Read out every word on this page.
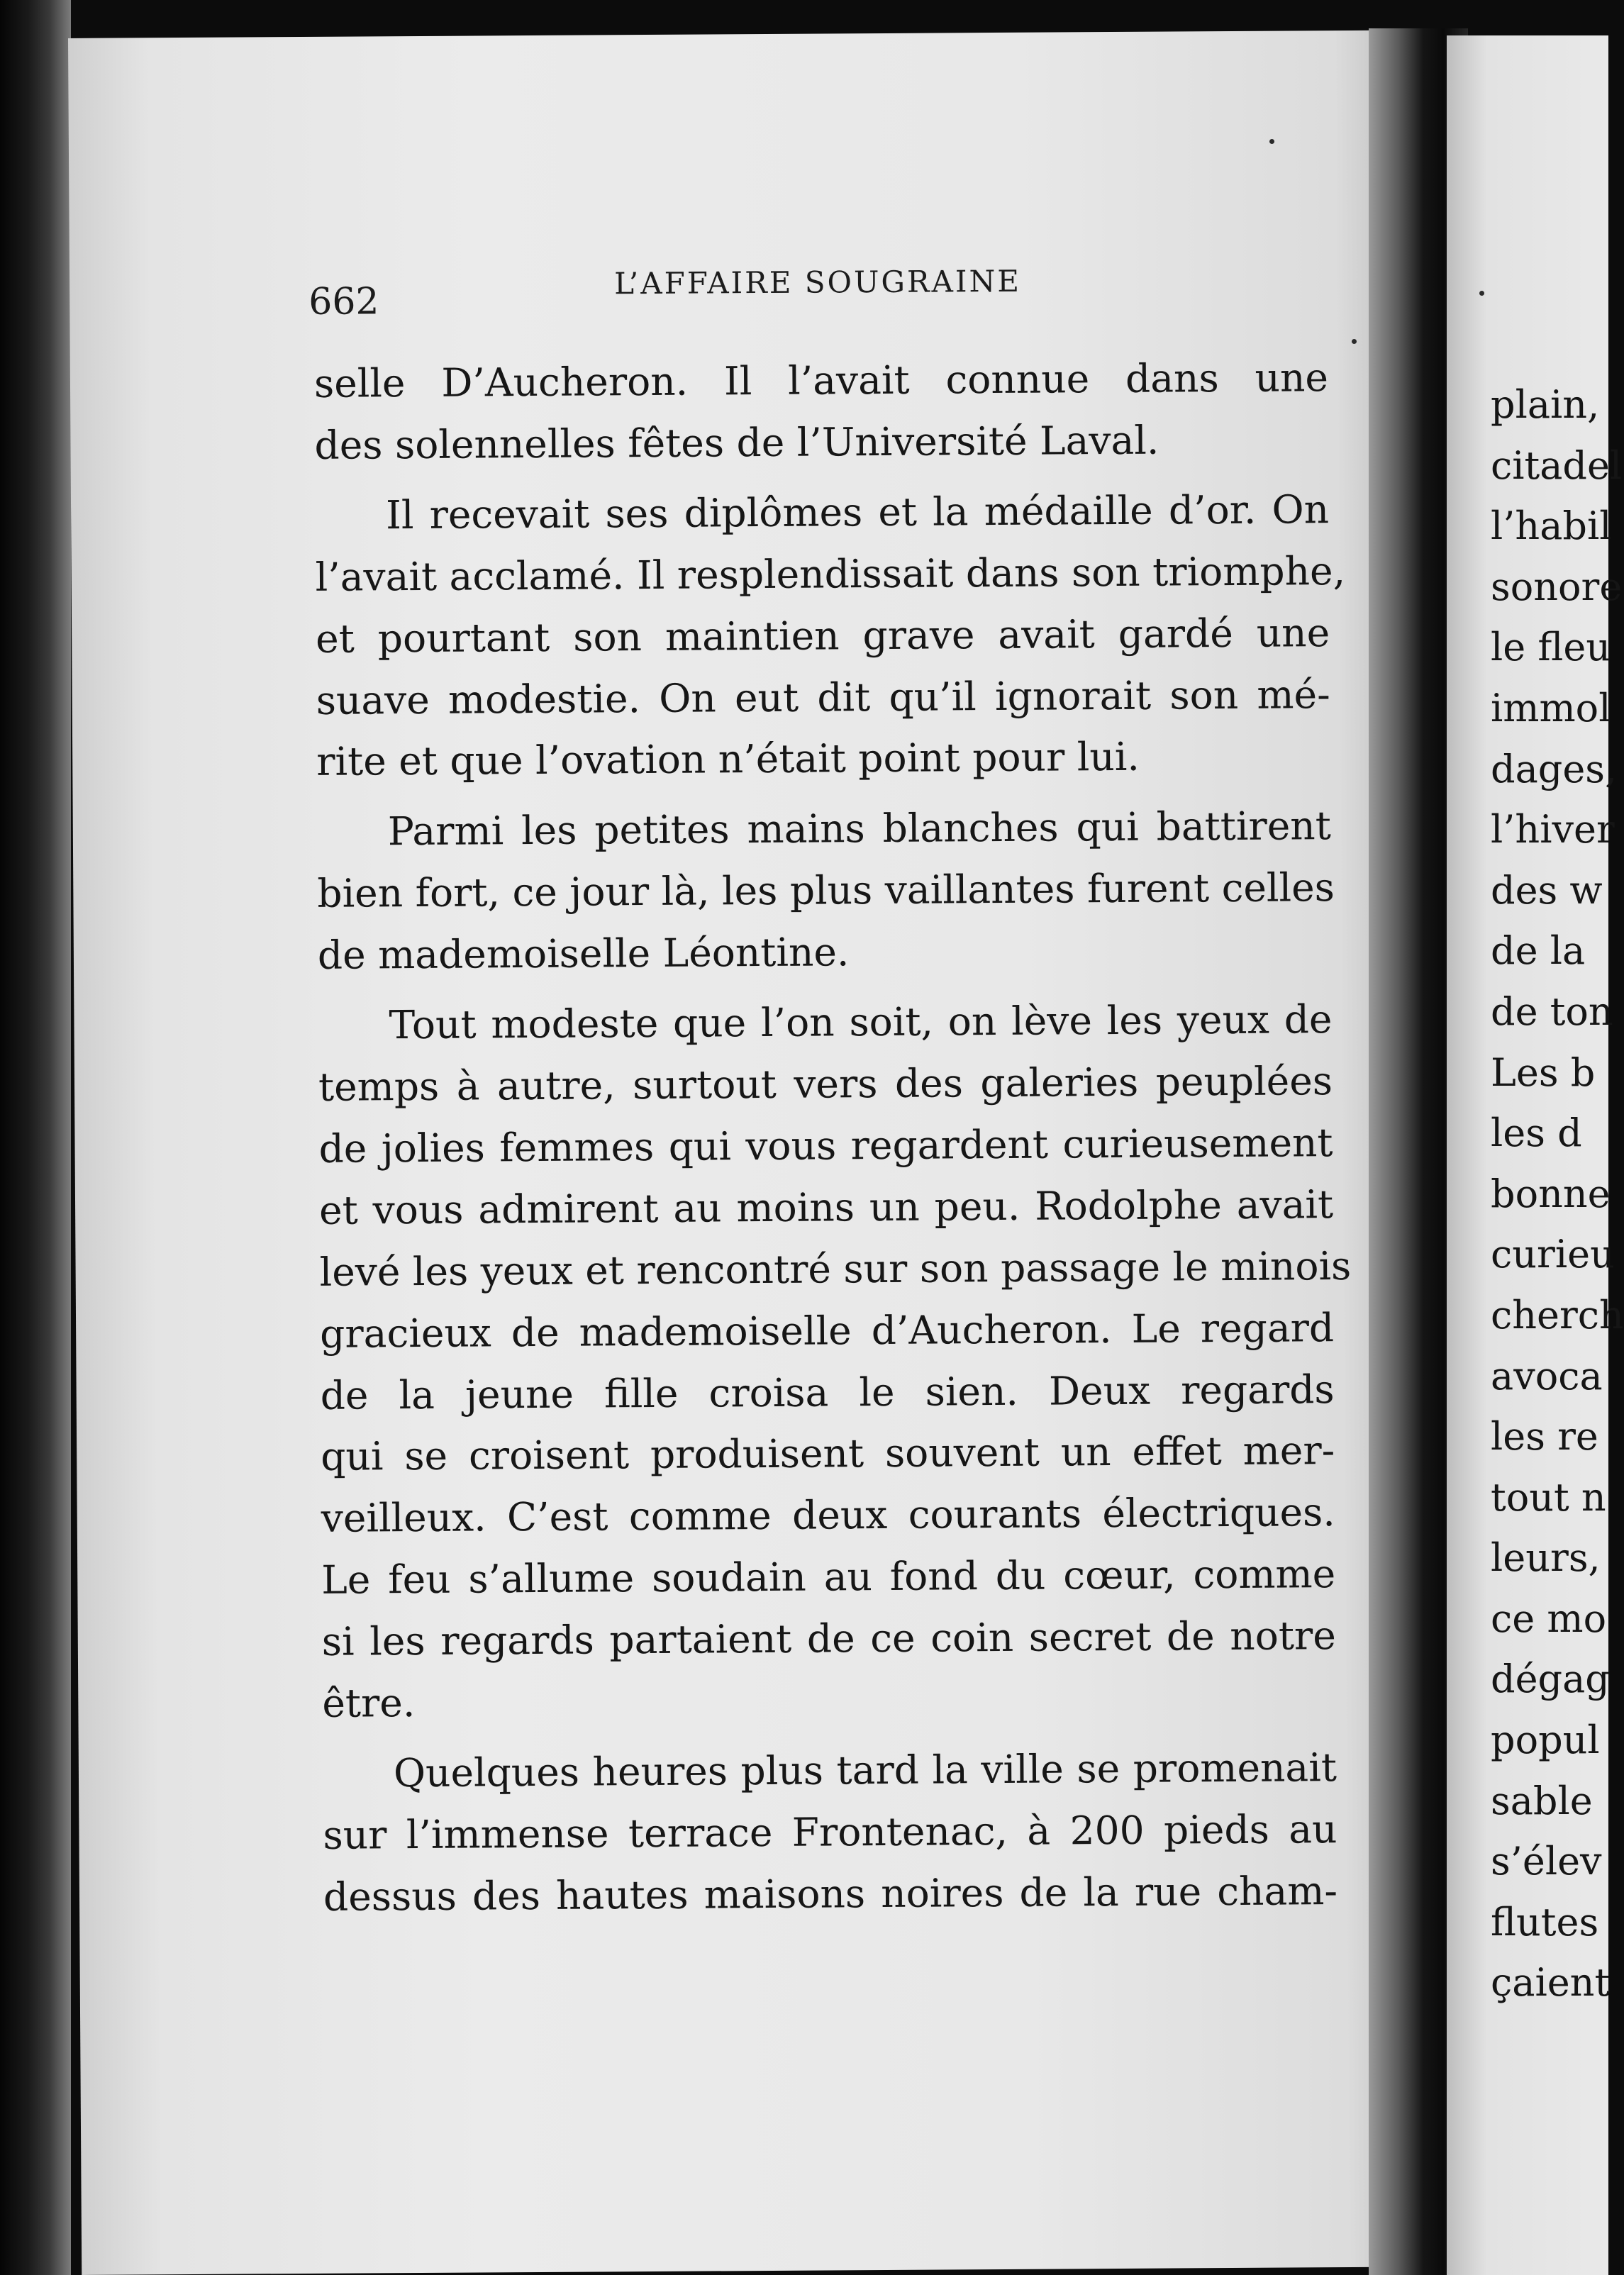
662	L’AFFAIRE SOUGRAINE
selle D’Aucheron. Il l’avait connue dans une
des solennelles fêtes de l’Université Laval.
Il recevait ses diplômes et la médaille d’or. On
l’avait acclamé. Il resplendissait dans son triomphe,
et pourtant son maintien grave avait gardé une
suave modestie. On eut dit qu’il ignorait son mé-
rite et que l’ovation n’était point pour lui.
Parmi les petites mains blanches qui battirent
bien fort, ce jour là, les plus vaillantes furent celles
de mademoiselle Léontine.
Tout modeste que l’on soit, on lève les yeux de
temps à autre, surtout vers des galeries peuplées
de jolies femmes qui vous regardent curieusement
et vous admirent au moins un peu. Rodolphe avait
levé les yeux et rencontré sur son passage le minois
gracieux de mademoiselle d’Aucheron. Le regard
de la jeune fille croisa le sien. Deux regards
qui se croisent produisent souvent un effet mer-
veilleux. C’est comme deux courants électriques.
Le feu s’allume soudain au fond du cœur, comme
si les regards partaient de ce coin secret de notre
être.
Quelques heures plus tard la ville se promenait
sur l’immense terrace Frontenac, à 200 pieds au
dessus des hautes maisons noires de la rue cham-
plain,
citadel
l’habil
sonore
le fleu
immol
dages,
l’hiver
des w
de la
de ton
Les b
les d
bonne
curieu
cherch
avoca
les re
tout n
leurs,
ce mo
dégag
popul
sable
s’élev
flutes
çaient
